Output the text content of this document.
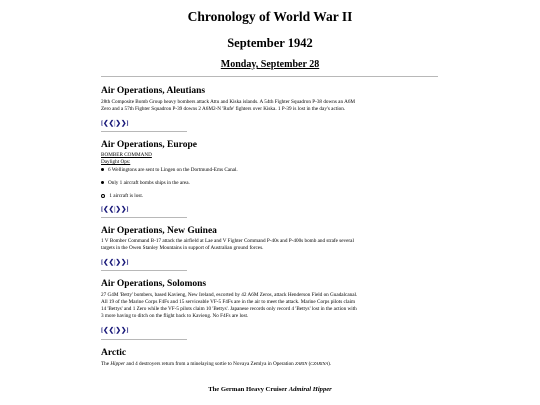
Chronology of World War II
September 1942
Monday, September 28
Air Operations, Aleutians
28th Composite Bomb Group heavy bombers attack Attu and Kiska islands. A 54th Fighter Squadron P-38 downs an A6M
Zero and a 57th Fighter Squadron P-39 downs 2 A6M2-N 'Rufe' fighters over Kiska. 1 P-39 is lost in the day's action.
[❮❮|❯❯]
Air Operations, Europe
BOMBER COMMAND
Daylight Ops:
6 Wellingtons are sent to Lingen on the Dortmund-Ems Canal.
Only 1 aircraft bombs ships in the area.
1 aircraft is lost.
[❮❮|❯❯]
Air Operations, New Guinea
1 V Bomber Command B-17 attack the airfield at Lae and V Fighter Command P-40s and P-400s bomb and strafe several
targets in the Owen Stanley Mountains in support of Australian ground forces.
[❮❮|❯❯]
Air Operations, Solomons
27 G4M 'Betty' bombers, based Kavieng, New Ireland, escorted by 42 A6M Zeros, attack Henderson Field on Guadalcanal.
All 19 of the Marine Corps F4Fs and 15 serviceable VF-5 F4Fs are in the air to meet the attack. Marine Corps pilots claim
14 'Bettys' and 1 Zero while the VF-5 pilots claim 10 'Bettys'. Japanese records only record 4 'Bettys' lost in the action with
3 more having to ditch on the flight back to Kavieng. No F4Fs are lost.
[❮❮|❯❯]
Arctic
The Hipper and 4 destroyers return from a minelaying sortie to Novaya Zemlya in Operation ZARIN (CZARINA).
The German Heavy Cruiser Admiral Hipper
